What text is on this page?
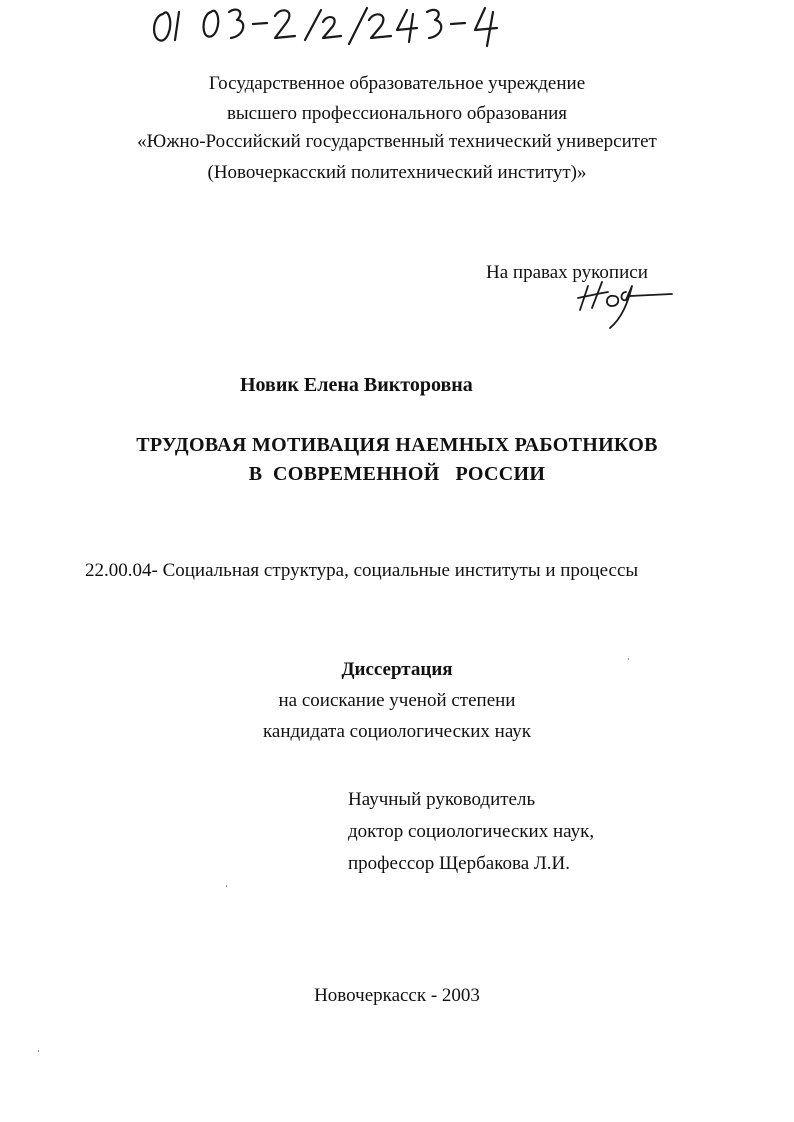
Государственное образовательное учреждение
высшего профессионального образования
«Южно-Российский государственный технический университет
(Новочеркасский политехнический институт)»
На правах рукописи
Новик Елена Викторовна
ТРУДОВАЯ МОТИВАЦИЯ НАЕМНЫХ РАБОТНИКОВ
В  СОВРЕМЕННОЙ   РОССИИ
22.00.04- Социальная структура, социальные институты и процессы
Диссертация
на соискание ученой степени
кандидата социологических наук
Научный руководитель
доктор социологических наук,
профессор Щербакова Л.И.
Новочеркасск - 2003
